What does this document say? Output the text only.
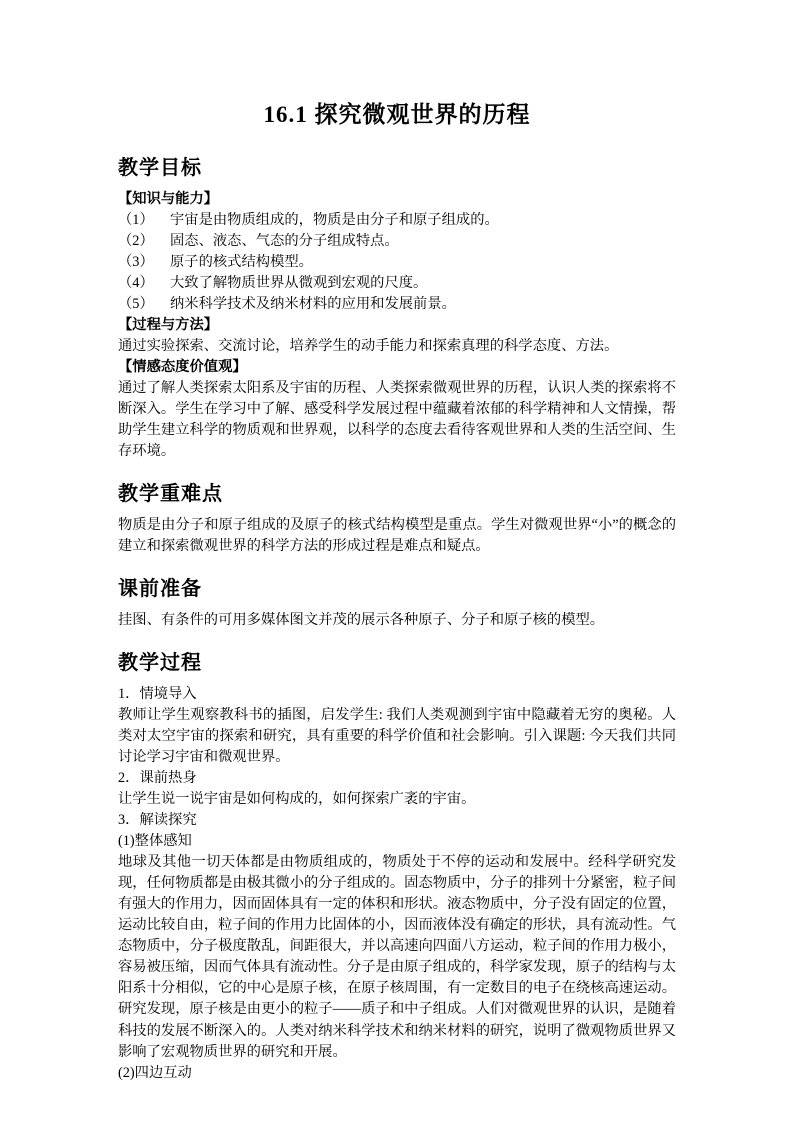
16.1 探究微观世界的历程
教学目标

【知识与能力】

（1）	宇宙是由物质组成的，物质是由分子和原子组成的。
（2）	固态、液态、气态的分子组成特点。
（3）	原子的核式结构模型。
（4）	大致了解物质世界从微观到宏观的尺度。
（5）	纳米科学技术及纳米材料的应用和发展前景。

【过程与方法】

通过实验探索、交流讨论，培养学生的动手能力和探索真理的科学态度、方法。

【情感态度价值观】

通过了解人类探索太阳系及宇宙的历程、人类探索微观世界的历程，认识人类的探索将不断深入。学生在学习中了解、感受科学发展过程中蕴藏着浓郁的科学精神和人文情操，帮助学生建立科学的物质观和世界观，以科学的态度去看待客观世界和人类的生活空间、生存环境。

教学重难点

物质是由分子和原子组成的及原子的核式结构模型是重点。学生对微观世界“小”的概念的建立和探索微观世界的科学方法的形成过程是难点和疑点。

课前准备

挂图、有条件的可用多媒体图文并茂的展示各种原子、分子和原子核的模型。

教学过程

1．情境导入

教师让学生观察教科书的插图，启发学生: 我们人类观测到宇宙中隐藏着无穷的奥秘。人类对太空宇宙的探索和研究，具有重要的科学价值和社会影响。引入课题: 今天我们共同讨论学习宇宙和微观世界。

2．课前热身

让学生说一说宇宙是如何构成的，如何探索广袤的宇宙。

3．解读探究

(1)整体感知

地球及其他一切天体都是由物质组成的，物质处于不停的运动和发展中。经科学研究发现，任何物质都是由极其微小的分子组成的。固态物质中，分子的排列十分紧密，粒子间有强大的作用力，因而固体具有一定的体积和形状。液态物质中，分子没有固定的位置，运动比较自由，粒子间的作用力比固体的小，因而液体没有确定的形状，具有流动性。气态物质中，分子极度散乱，间距很大，并以高速向四面八方运动，粒子间的作用力极小，容易被压缩，因而气体具有流动性。分子是由原子组成的，科学家发现，原子的结构与太阳系十分相似，它的中心是原子核，在原子核周围，有一定数目的电子在绕核高速运动。研究发现，原子核是由更小的粒子——质子和中子组成。人们对微观世界的认识，是随着科技的发展不断深入的。人类对纳米科学技术和纳米材料的研究，说明了微观物质世界又影响了宏观物质世界的研究和开展。

(2)四边互动
